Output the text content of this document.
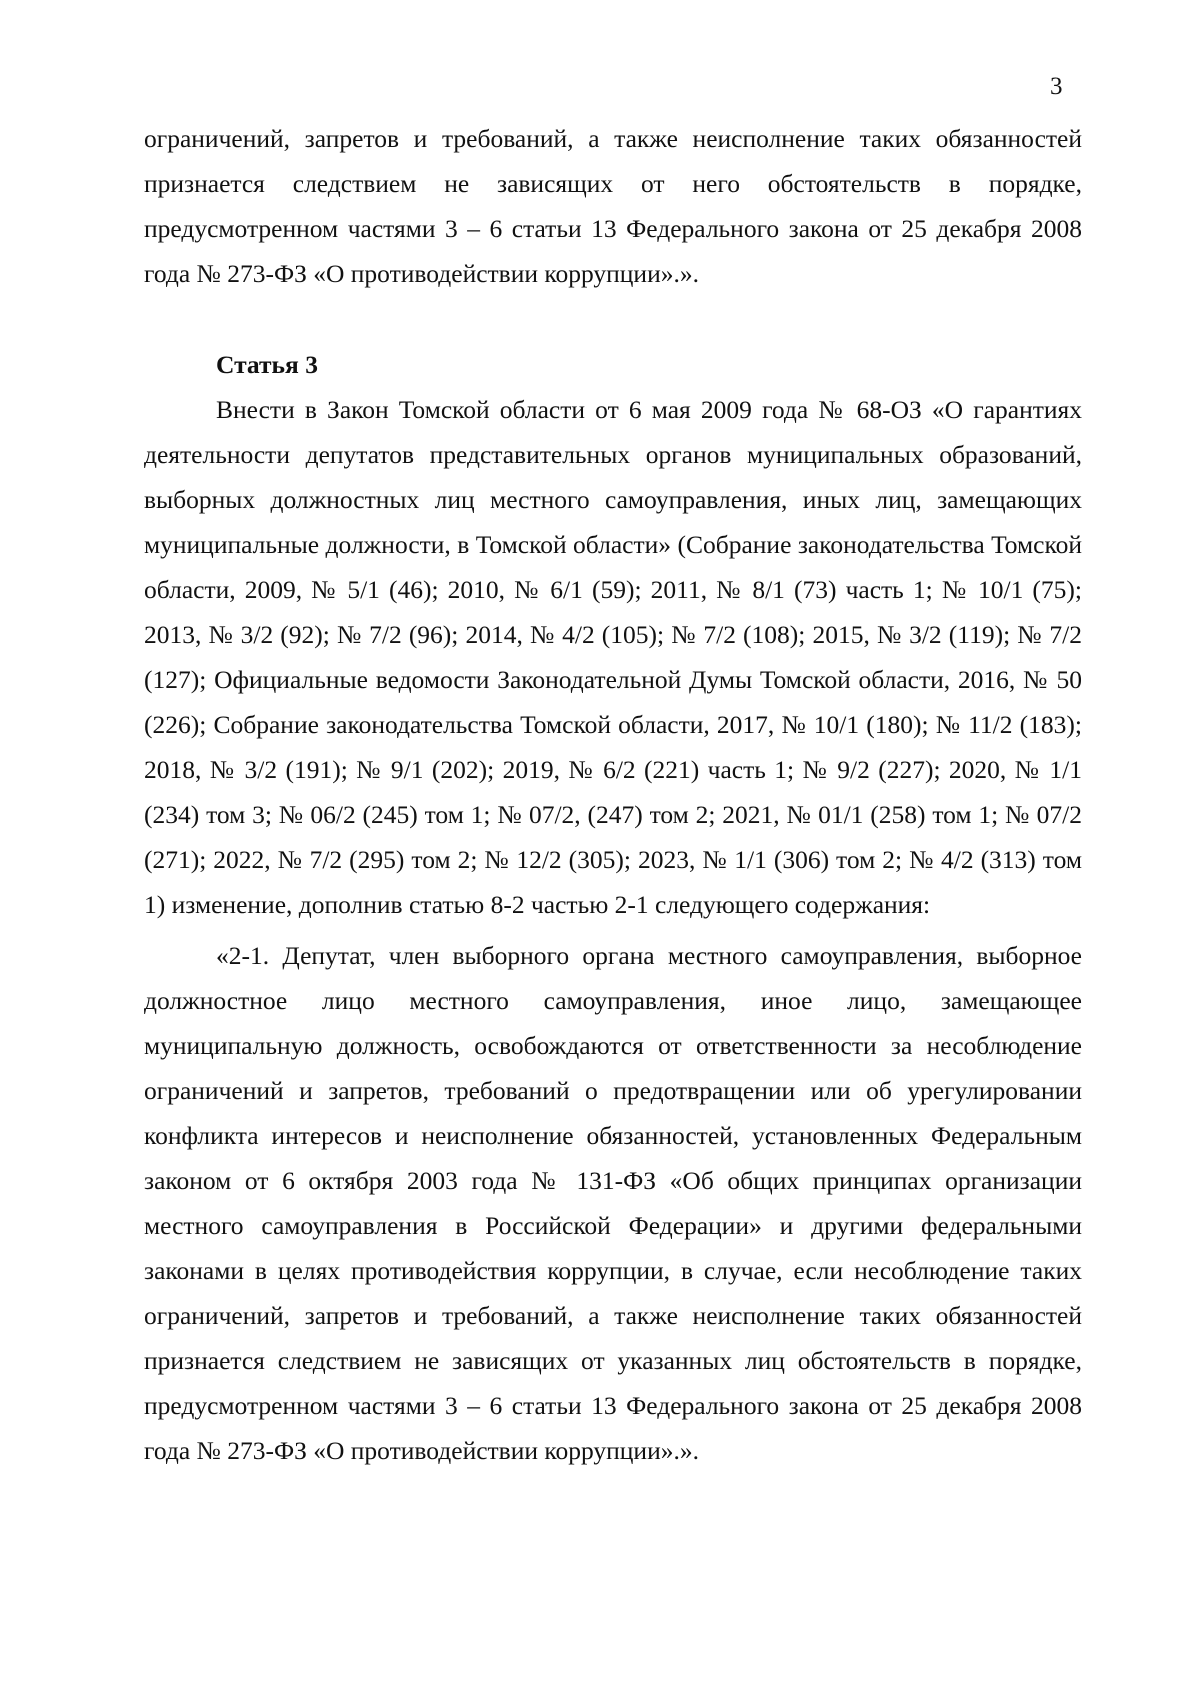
3

ограничений, запретов и требований, а также неисполнение таких обязанностей признается следствием не зависящих от него обстоятельств в порядке, предусмотренном частями 3 – 6 статьи 13 Федерального закона от 25 декабря 2008 года № 273-ФЗ «О противодействии коррупции».».

Статья 3

Внести в Закон Томской области от 6 мая 2009 года № 68-ОЗ «О гарантиях деятельности депутатов представительных органов муниципальных образований, выборных должностных лиц местного самоуправления, иных лиц, замещающих муниципальные должности, в Томской области» (Собрание законодательства Томской области, 2009, № 5/1 (46); 2010, № 6/1 (59); 2011, № 8/1 (73) часть 1; № 10/1 (75); 2013, № 3/2 (92); № 7/2 (96); 2014, № 4/2 (105); № 7/2 (108); 2015, № 3/2 (119); № 7/2 (127); Официальные ведомости Законодательной Думы Томской области, 2016, № 50 (226); Собрание законодательства Томской области, 2017, № 10/1 (180); № 11/2 (183); 2018, № 3/2 (191); № 9/1 (202); 2019, № 6/2 (221) часть 1; № 9/2 (227); 2020, № 1/1 (234) том 3; № 06/2 (245) том 1; № 07/2, (247) том 2; 2021, № 01/1 (258) том 1; № 07/2 (271); 2022, № 7/2 (295) том 2; № 12/2 (305); 2023, № 1/1 (306) том 2; № 4/2 (313) том 1) изменение, дополнив статью 8-2 частью 2-1 следующего содержания:

«2-1. Депутат, член выборного органа местного самоуправления, выборное должностное лицо местного самоуправления, иное лицо, замещающее муниципальную должность, освобождаются от ответственности за несоблюдение ограничений и запретов, требований о предотвращении или об урегулировании конфликта интересов и неисполнение обязанностей, установленных Федеральным законом от 6 октября 2003 года № 131-ФЗ «Об общих принципах организации местного самоуправления в Российской Федерации» и другими федеральными законами в целях противодействия коррупции, в случае, если несоблюдение таких ограничений, запретов и требований, а также неисполнение таких обязанностей признается следствием не зависящих от указанных лиц обстоятельств в порядке, предусмотренном частями 3 – 6 статьи 13 Федерального закона от 25 декабря 2008 года № 273-ФЗ «О противодействии коррупции».».
